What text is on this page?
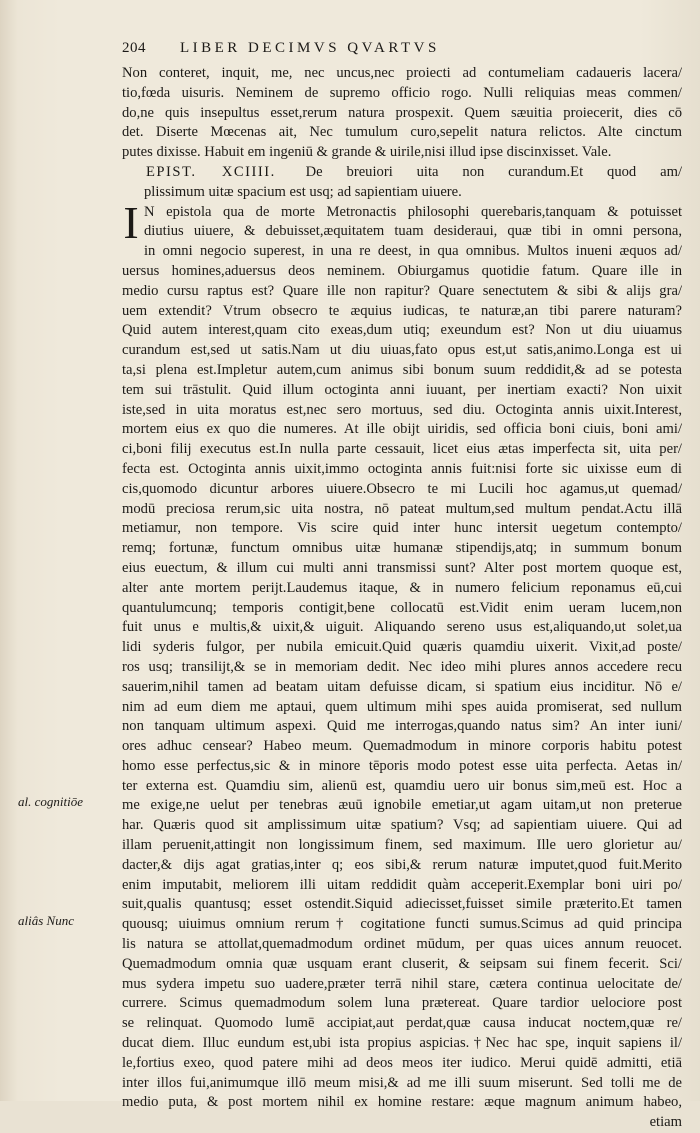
204 LIBER DECIMVS QVARTVS
Non conteret, inquit, me, nec uncus,nec proiecti ad contumeliam cadaueris lacera/
tio,fœda uisuris. Neminem de supremo officio rogo. Nulli reliquias meas commen/
do,ne quis insepultus esset,rerum natura prospexit. Quem sæuitia proiecerit, dies cō
det. Diserte Mœcenas ait, Nec tumulum curo,sepelit natura relictos. Alte cinctum
putes dixisse. Habuit em ingeniū & grande & uirile,nisi illud ipse discinxisset. Vale.
EPIST. XCIIII. De breuiori uita non curandum.Et quod am/
plissimum uitæ spacium est usq; ad sapientiam uiuere.
I N epistola qua de morte Metronactis philosophi querebaris,tanquam & potuisset
diutius uiuere, & debuisset,æquitatem tuam desideraui, quæ tibi in omni persona,
in omni negocio superest, in una re deest, in qua omnibus. Multos inueni æquos ad/
uersus homines,aduersus deos neminem. Obiurgamus quotidie fatum. Quare ille in
medio cursu raptus est? Quare ille non rapitur? Quare senectutem & sibi & alijs gra/
uem extendit? Vtrum obsecro te æquius iudicas, te naturæ,an tibi parere naturam?
Quid autem interest,quam cito exeas,dum utiq; exeundum est? Non ut diu uiuamus
curandum est,sed ut satis.Nam ut diu uiuas,fato opus est,ut satis,animo.Longa est ui
ta,si plena est.Impletur autem,cum animus sibi bonum suum reddidit,& ad se potesta
tem sui trāstulit. Quid illum octoginta anni iuuant, per inertiam exacti? Non uixit
iste,sed in uita moratus est,nec sero mortuus, sed diu. Octoginta annis uixit.Interest,
mortem eius ex quo die numeres. At ille obijt uiridis, sed officia boni ciuis, boni ami/
ci,boni filij executus est.In nulla parte cessauit, licet eius ætas imperfecta sit, uita per/
fecta est. Octoginta annis uixit,immo octoginta annis fuit:nisi forte sic uixisse eum di
cis,quomodo dicuntur arbores uiuere.Obsecro te mi Lucili hoc agamus,ut quemad/
modū preciosa rerum,sic uita nostra, nō pateat multum,sed multum pendat.Actu illā
metiamur, non tempore. Vis scire quid inter hunc intersit uegetum contempto/
remq; fortunæ, functum omnibus uitæ humanæ stipendijs,atq; in summum bonum
eius euectum, & illum cui multi anni transmissi sunt? Alter post mortem quoque est,
alter ante mortem perijt.Laudemus itaque, & in numero felicium reponamus eū,cui
quantulumcunq; temporis contigit,bene collocatū est.Vidit enim ueram lucem,non
fuit unus e multis,& uixit,& uiguit. Aliquando sereno usus est,aliquando,ut solet,ua
lidi syderis fulgor, per nubila emicuit.Quid quæris quamdiu uixerit. Vixit,ad poste/
ros usq; transilijt,& se in memoriam dedit. Nec ideo mihi plures annos accedere recu
sauerim,nihil tamen ad beatam uitam defuisse dicam, si spatium eius inciditur. Nō e/
nim ad eum diem me aptaui, quem ultimum mihi spes auida promiserat, sed nullum
non tanquam ultimum aspexi. Quid me interrogas,quando natus sim? An inter iuni/
ores adhuc censear? Habeo meum. Quemadmodum in minore corporis habitu potest
homo esse perfectus,sic & in minore tēporis modo potest esse uita perfecta. Aetas in/
ter externa est. Quamdiu sim, alienū est, quamdiu uero uir bonus sim,meū est. Hoc a
me exige,ne uelut per tenebras æuū ignobile emetiar,ut agam uitam,ut non preterue
har. Quæris quod sit amplissimum uitæ spatium? Vsq; ad sapientiam uiuere. Qui ad
illam peruenit,attingit non longissimum finem, sed maximum. Ille uero glorietur au/
dacter,& dijs agat gratias,inter q; eos sibi,& rerum naturæ imputet,quod fuit.Merito
enim imputabit, meliorem illi uitam reddidit quàm acceperit.Exemplar boni uiri po/
suit,qualis quantusq; esset ostendit.Siquid adiecisset,fuisset simile præterito.Et tamen
quousq; uiuimus omnium rerum† cogitatione functi sumus.Scimus ad quid principa
lis natura se attollat,quemadmodum ordinet mūdum, per quas uices annum reuocet.
Quemadmodum omnia quæ usquam erant cluserit, & seipsam sui finem fecerit. Sci/
mus sydera impetu suo uadere,præter terrā nihil stare, cætera continua uelocitate de/
currere. Scimus quemadmodum solem luna prætereat. Quare tardior uelociore post
se relinquat. Quomodo lumē accipiat,aut perdat,quæ causa inducat noctem,quæ re/
ducat diem. Illuc eundum est,ubi ista propius aspicias.†Nec hac spe, inquit sapiens il/
le,fortius exeo, quod patere mihi ad deos meos iter iudico. Merui quidē admitti, etiā
inter illos fui,animumque illō meum misi,& ad me illi suum miserunt. Sed tolli me de
medio puta, & post mortem nihil ex homine restare: æque magnum animum habeo,
etiam
al. cognitiōe
aliâs Nunc
